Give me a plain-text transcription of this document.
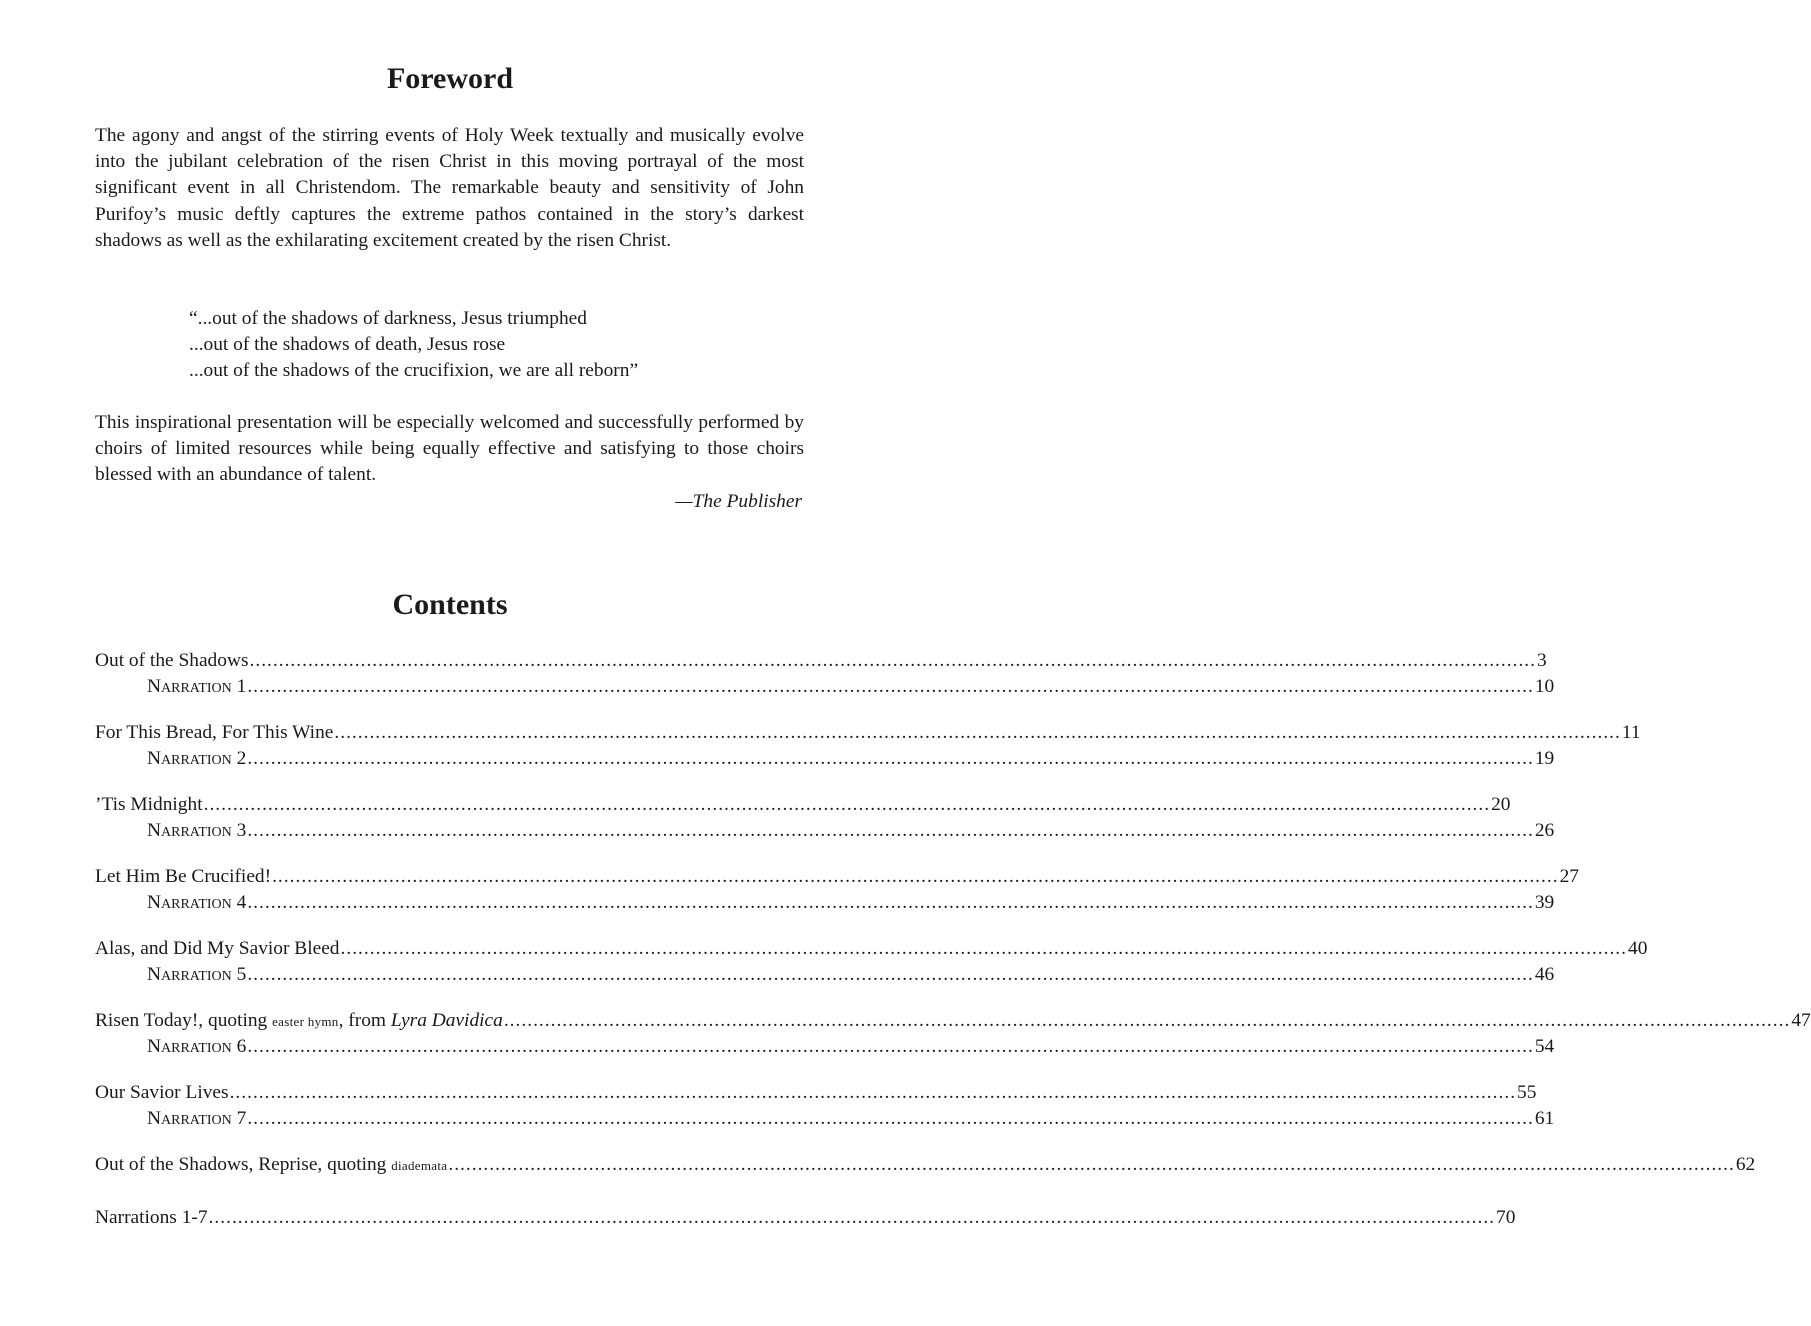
Foreword

The agony and angst of the stirring events of Holy Week textually and musically evolve into the jubilant celebration of the risen Christ in this moving portrayal of the most significant event in all Christendom. The remarkable beauty and sensitivity of John Purifoy’s music deftly captures the extreme pathos contained in the story’s darkest shadows as well as the exhilarating excitement created by the risen Christ.

“...out of the shadows of darkness, Jesus triumphed
...out of the shadows of death, Jesus rose
...out of the shadows of the crucifixion, we are all reborn”

This inspirational presentation will be especially welcomed and successfully performed by choirs of limited resources while being equally effective and satisfying to those choirs blessed with an abundance of talent.

—The Publisher
Contents
Out of the Shadows ............................................................................................................................................................................................................................ 3
Narration 1 ............................................................................................................................................................................................................................ 10
For This Bread, For This Wine ............................................................................................................................................................................................................................ 11
Narration 2 ............................................................................................................................................................................................................................ 19
’Tis Midnight ............................................................................................................................................................................................................................ 20
Narration 3 ............................................................................................................................................................................................................................ 26
Let Him Be Crucified! ............................................................................................................................................................................................................................ 27
Narration 4 ............................................................................................................................................................................................................................ 39
Alas, and Did My Savior Bleed ............................................................................................................................................................................................................................ 40
Narration 5 ............................................................................................................................................................................................................................ 46
Risen Today!, quoting easter hymn, from Lyra Davidica ............................................................................................................................................................................................................................ 47
Narration 6 ............................................................................................................................................................................................................................ 54
Our Savior Lives ............................................................................................................................................................................................................................ 55
Narration 7 ............................................................................................................................................................................................................................ 61
Out of the Shadows, Reprise, quoting diademata ............................................................................................................................................................................................................................ 62
Narrations 1-7 ............................................................................................................................................................................................................................ 70
